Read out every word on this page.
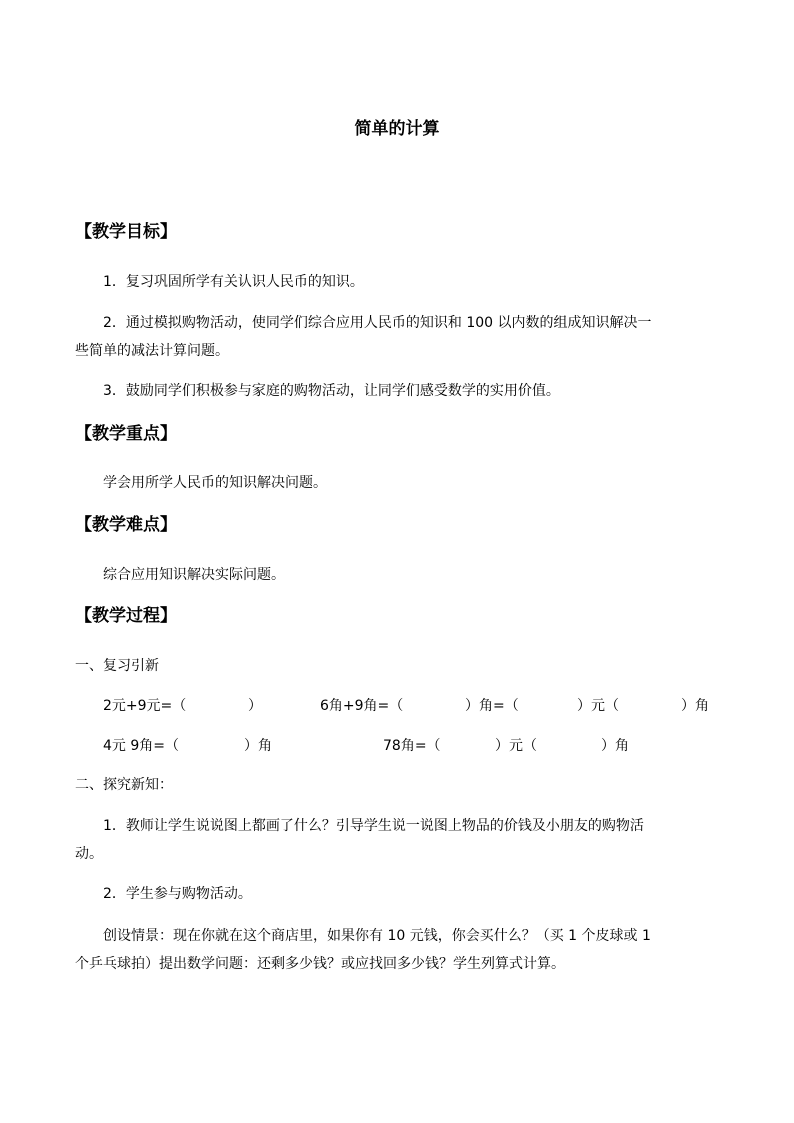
简单的计算
【教学目标】
1．复习巩固所学有关认识人民币的知识。
2．通过模拟购物活动，使同学们综合应用人民币的知识和 100 以内数的组成知识解决一
些简单的减法计算问题。
3．鼓励同学们积极参与家庭的购物活动，让同学们感受数学的实用价值。
【教学重点】
学会用所学人民币的知识解决问题。
【教学难点】
综合应用知识解决实际问题。
【教学过程】
一、复习引新
2元+9元=（	）	6角+9角=（	）角=（	）元（	）角
4元 9角=（	）角	78角=（	）元（	）角
二、探究新知：
1．教师让学生说说图上都画了什么？引导学生说一说图上物品的价钱及小朋友的购物活
动。
2．学生参与购物活动。
创设情景：现在你就在这个商店里，如果你有 10 元钱，你会买什么？（买 1 个皮球或 1
个乒乓球拍）提出数学问题：还剩多少钱？或应找回多少钱？学生列算式计算。
